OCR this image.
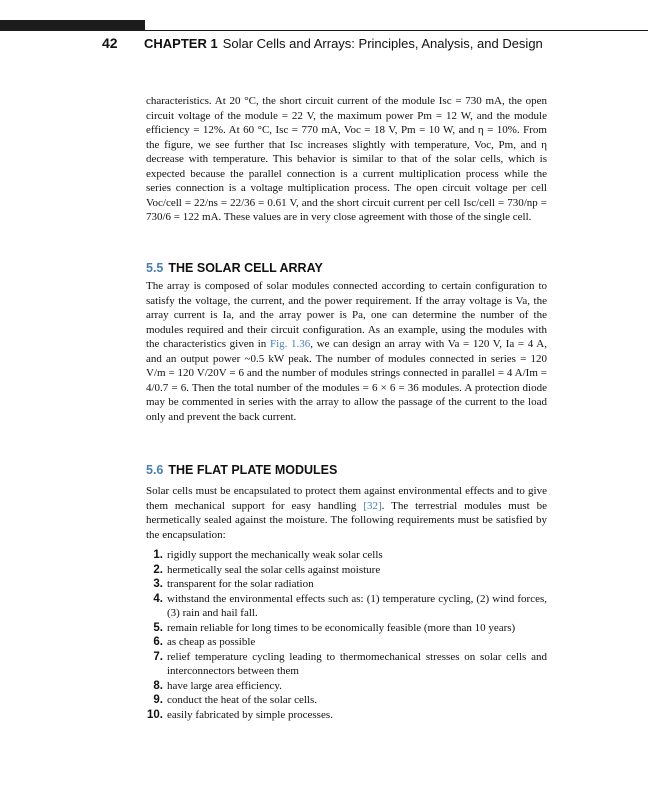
42 CHAPTER 1 Solar Cells and Arrays: Principles, Analysis, and Design

characteristics. At 20 °C, the short circuit current of the module Isc = 730 mA, the open circuit voltage of the module = 22 V, the maximum power Pm = 12 W, and the module efficiency = 12%. At 60 °C, Isc = 770 mA, Voc = 18 V, Pm = 10 W, and η = 10%. From the figure, we see further that Isc increases slightly with temperature, Voc, Pm, and η decrease with temperature. This behavior is similar to that of the solar cells, which is expected because the parallel connection is a current multiplication process while the series connection is a voltage multiplication process. The open circuit voltage per cell Voc/cell = 22/ns = 22/36 = 0.61 V, and the short circuit current per cell Isc/cell = 730/np = 730/6 = 122 mA. These values are in very close agreement with those of the single cell.

5.5 THE SOLAR CELL ARRAY

The array is composed of solar modules connected according to certain configuration to satisfy the voltage, the current, and the power requirement. If the array voltage is Va, the array current is Ia, and the array power is Pa, one can determine the number of the modules required and their circuit configuration. As an example, using the modules with the characteristics given in Fig. 1.36, we can design an array with Va = 120 V, Ia = 4 A, and an output power ~0.5 kW peak. The number of modules connected in series = 120 V/m = 120 V/20V = 6 and the number of modules strings connected in parallel = 4 A/Im = 4/0.7 = 6. Then the total number of the modules = 6 × 6 = 36 modules. A protection diode may be commented in series with the array to allow the passage of the current to the load only and prevent the back current.

5.6 THE FLAT PLATE MODULES

Solar cells must be encapsulated to protect them against environmental effects and to give them mechanical support for easy handling [32]. The terrestrial modules must be hermetically sealed against the moisture. The following requirements must be satisfied by the encapsulation:

1. rigidly support the mechanically weak solar cells
2. hermetically seal the solar cells against moisture
3. transparent for the solar radiation
4. withstand the environmental effects such as: (1) temperature cycling, (2) wind forces, (3) rain and hail fall.
5. remain reliable for long times to be economically feasible (more than 10 years)
6. as cheap as possible
7. relief temperature cycling leading to thermomechanical stresses on solar cells and interconnectors between them
8. have large area efficiency.
9. conduct the heat of the solar cells.
10. easily fabricated by simple processes.
